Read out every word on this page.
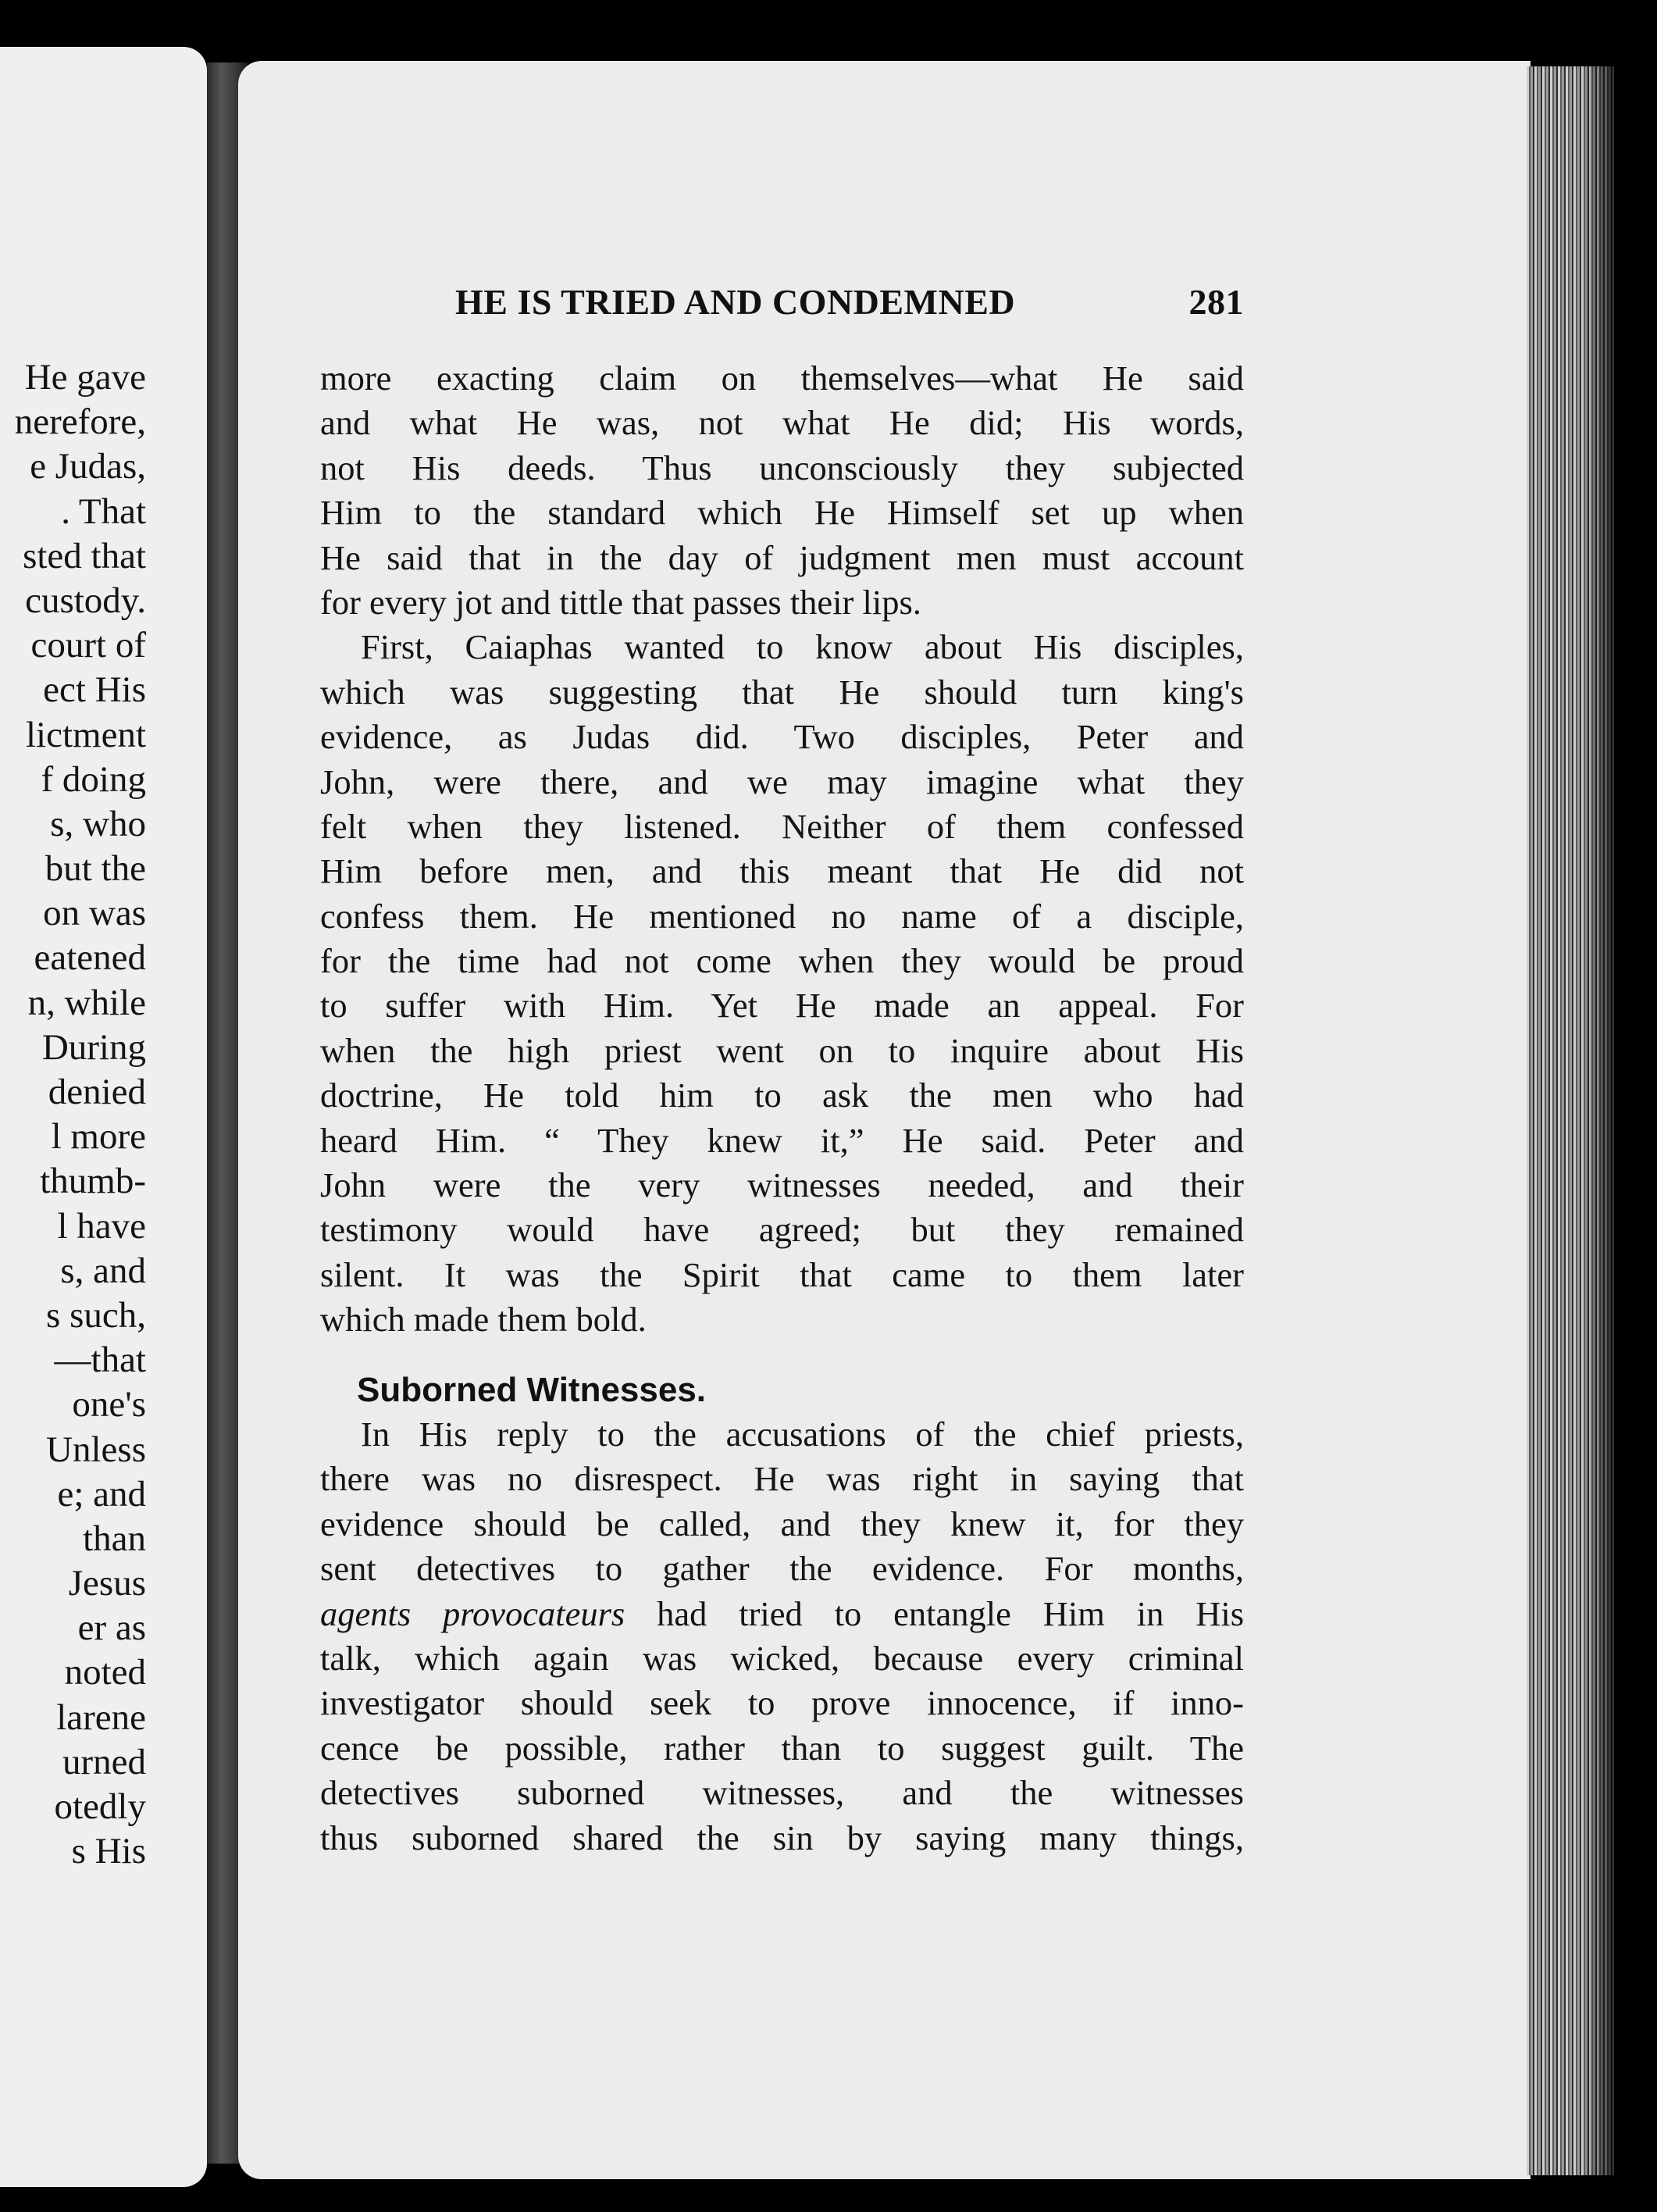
He gave
nerefore,
e Judas,
. That
sted that
custody.
court of
ect His
lictment
f doing
s, who
but the
on was
eatened
n, while
During
denied
l more
thumb-
l have
s, and
s such,
—that
one's
Unless
e; and
than
Jesus
er as
noted
larene
urned
otedly
s His
HE IS TRIED AND CONDEMNED	281
more exacting claim on themselves—what He said
and what He was, not what He did; His words,
not His deeds. Thus unconsciously they subjected
Him to the standard which He Himself set up when
He said that in the day of judgment men must account
for every jot and tittle that passes their lips.
First, Caiaphas wanted to know about His disciples,
which was suggesting that He should turn king's
evidence, as Judas did. Two disciples, Peter and
John, were there, and we may imagine what they
felt when they listened. Neither of them confessed
Him before men, and this meant that He did not
confess them. He mentioned no name of a disciple,
for the time had not come when they would be proud
to suffer with Him. Yet He made an appeal. For
when the high priest went on to inquire about His
doctrine, He told him to ask the men who had
heard Him. “ They knew it,” He said. Peter and
John were the very witnesses needed, and their
testimony would have agreed; but they remained
silent. It was the Spirit that came to them later
which made them bold.
Suborned Witnesses.
In His reply to the accusations of the chief priests,
there was no disrespect. He was right in saying that
evidence should be called, and they knew it, for they
sent detectives to gather the evidence. For months,
agents provocateurs had tried to entangle Him in His
talk, which again was wicked, because every criminal
investigator should seek to prove innocence, if inno-
cence be possible, rather than to suggest guilt. The
detectives suborned witnesses, and the witnesses
thus suborned shared the sin by saying many things,
